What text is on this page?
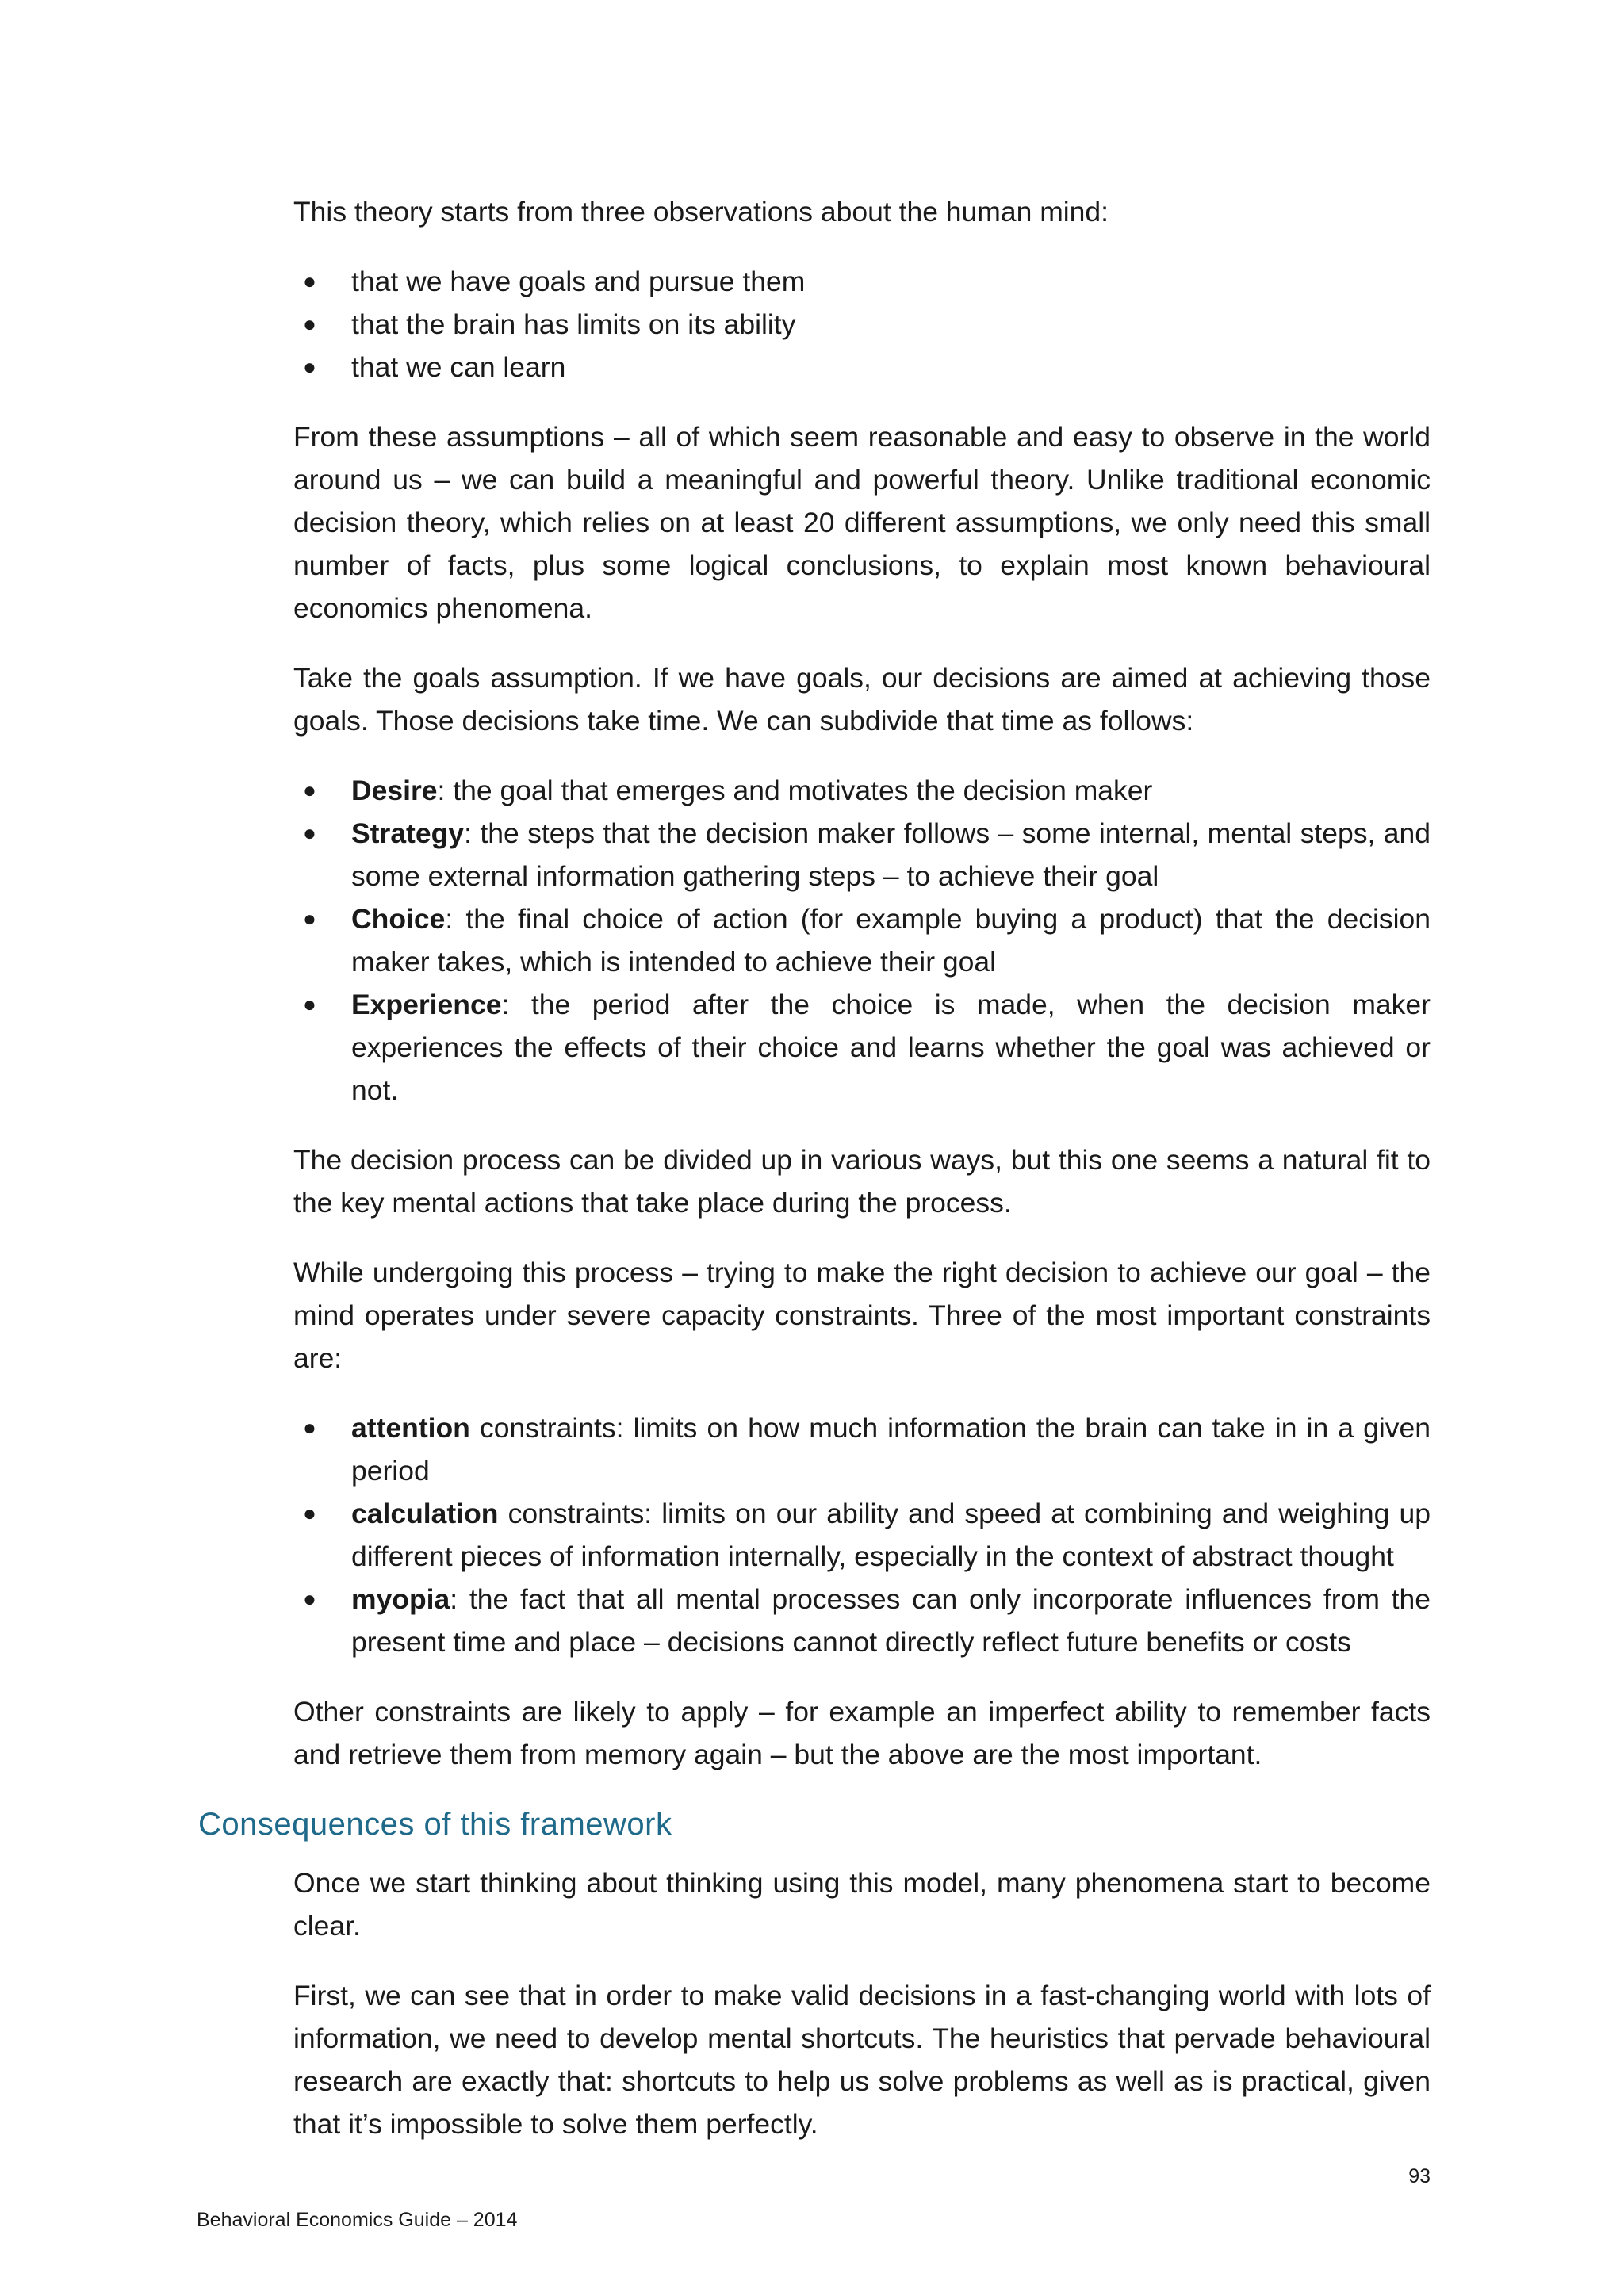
This theory starts from three observations about the human mind:

● that we have goals and pursue them
● that the brain has limits on its ability
● that we can learn

From these assumptions – all of which seem reasonable and easy to observe in the world around us – we can build a meaningful and powerful theory. Unlike traditional economic decision theory, which relies on at least 20 different assumptions, we only need this small number of facts, plus some logical conclusions, to explain most known behavioural economics phenomena.

Take the goals assumption. If we have goals, our decisions are aimed at achieving those goals. Those decisions take time. We can subdivide that time as follows:

● Desire: the goal that emerges and motivates the decision maker
● Strategy: the steps that the decision maker follows – some internal, mental steps, and some external information gathering steps – to achieve their goal
● Choice: the final choice of action (for example buying a product) that the decision maker takes, which is intended to achieve their goal
● Experience: the period after the choice is made, when the decision maker experiences the effects of their choice and learns whether the goal was achieved or not.

The decision process can be divided up in various ways, but this one seems a natural fit to the key mental actions that take place during the process.

While undergoing this process – trying to make the right decision to achieve our goal – the mind operates under severe capacity constraints. Three of the most important constraints are:

● attention constraints: limits on how much information the brain can take in in a given period
● calculation constraints: limits on our ability and speed at combining and weighing up different pieces of information internally, especially in the context of abstract thought
● myopia: the fact that all mental processes can only incorporate influences from the present time and place – decisions cannot directly reflect future benefits or costs

Other constraints are likely to apply – for example an imperfect ability to remember facts and retrieve them from memory again – but the above are the most important.

Consequences of this framework

Once we start thinking about thinking using this model, many phenomena start to become clear.

First, we can see that in order to make valid decisions in a fast-changing world with lots of information, we need to develop mental shortcuts. The heuristics that pervade behavioural research are exactly that: shortcuts to help us solve problems as well as is practical, given that it’s impossible to solve them perfectly.

93
Behavioral Economics Guide – 2014
